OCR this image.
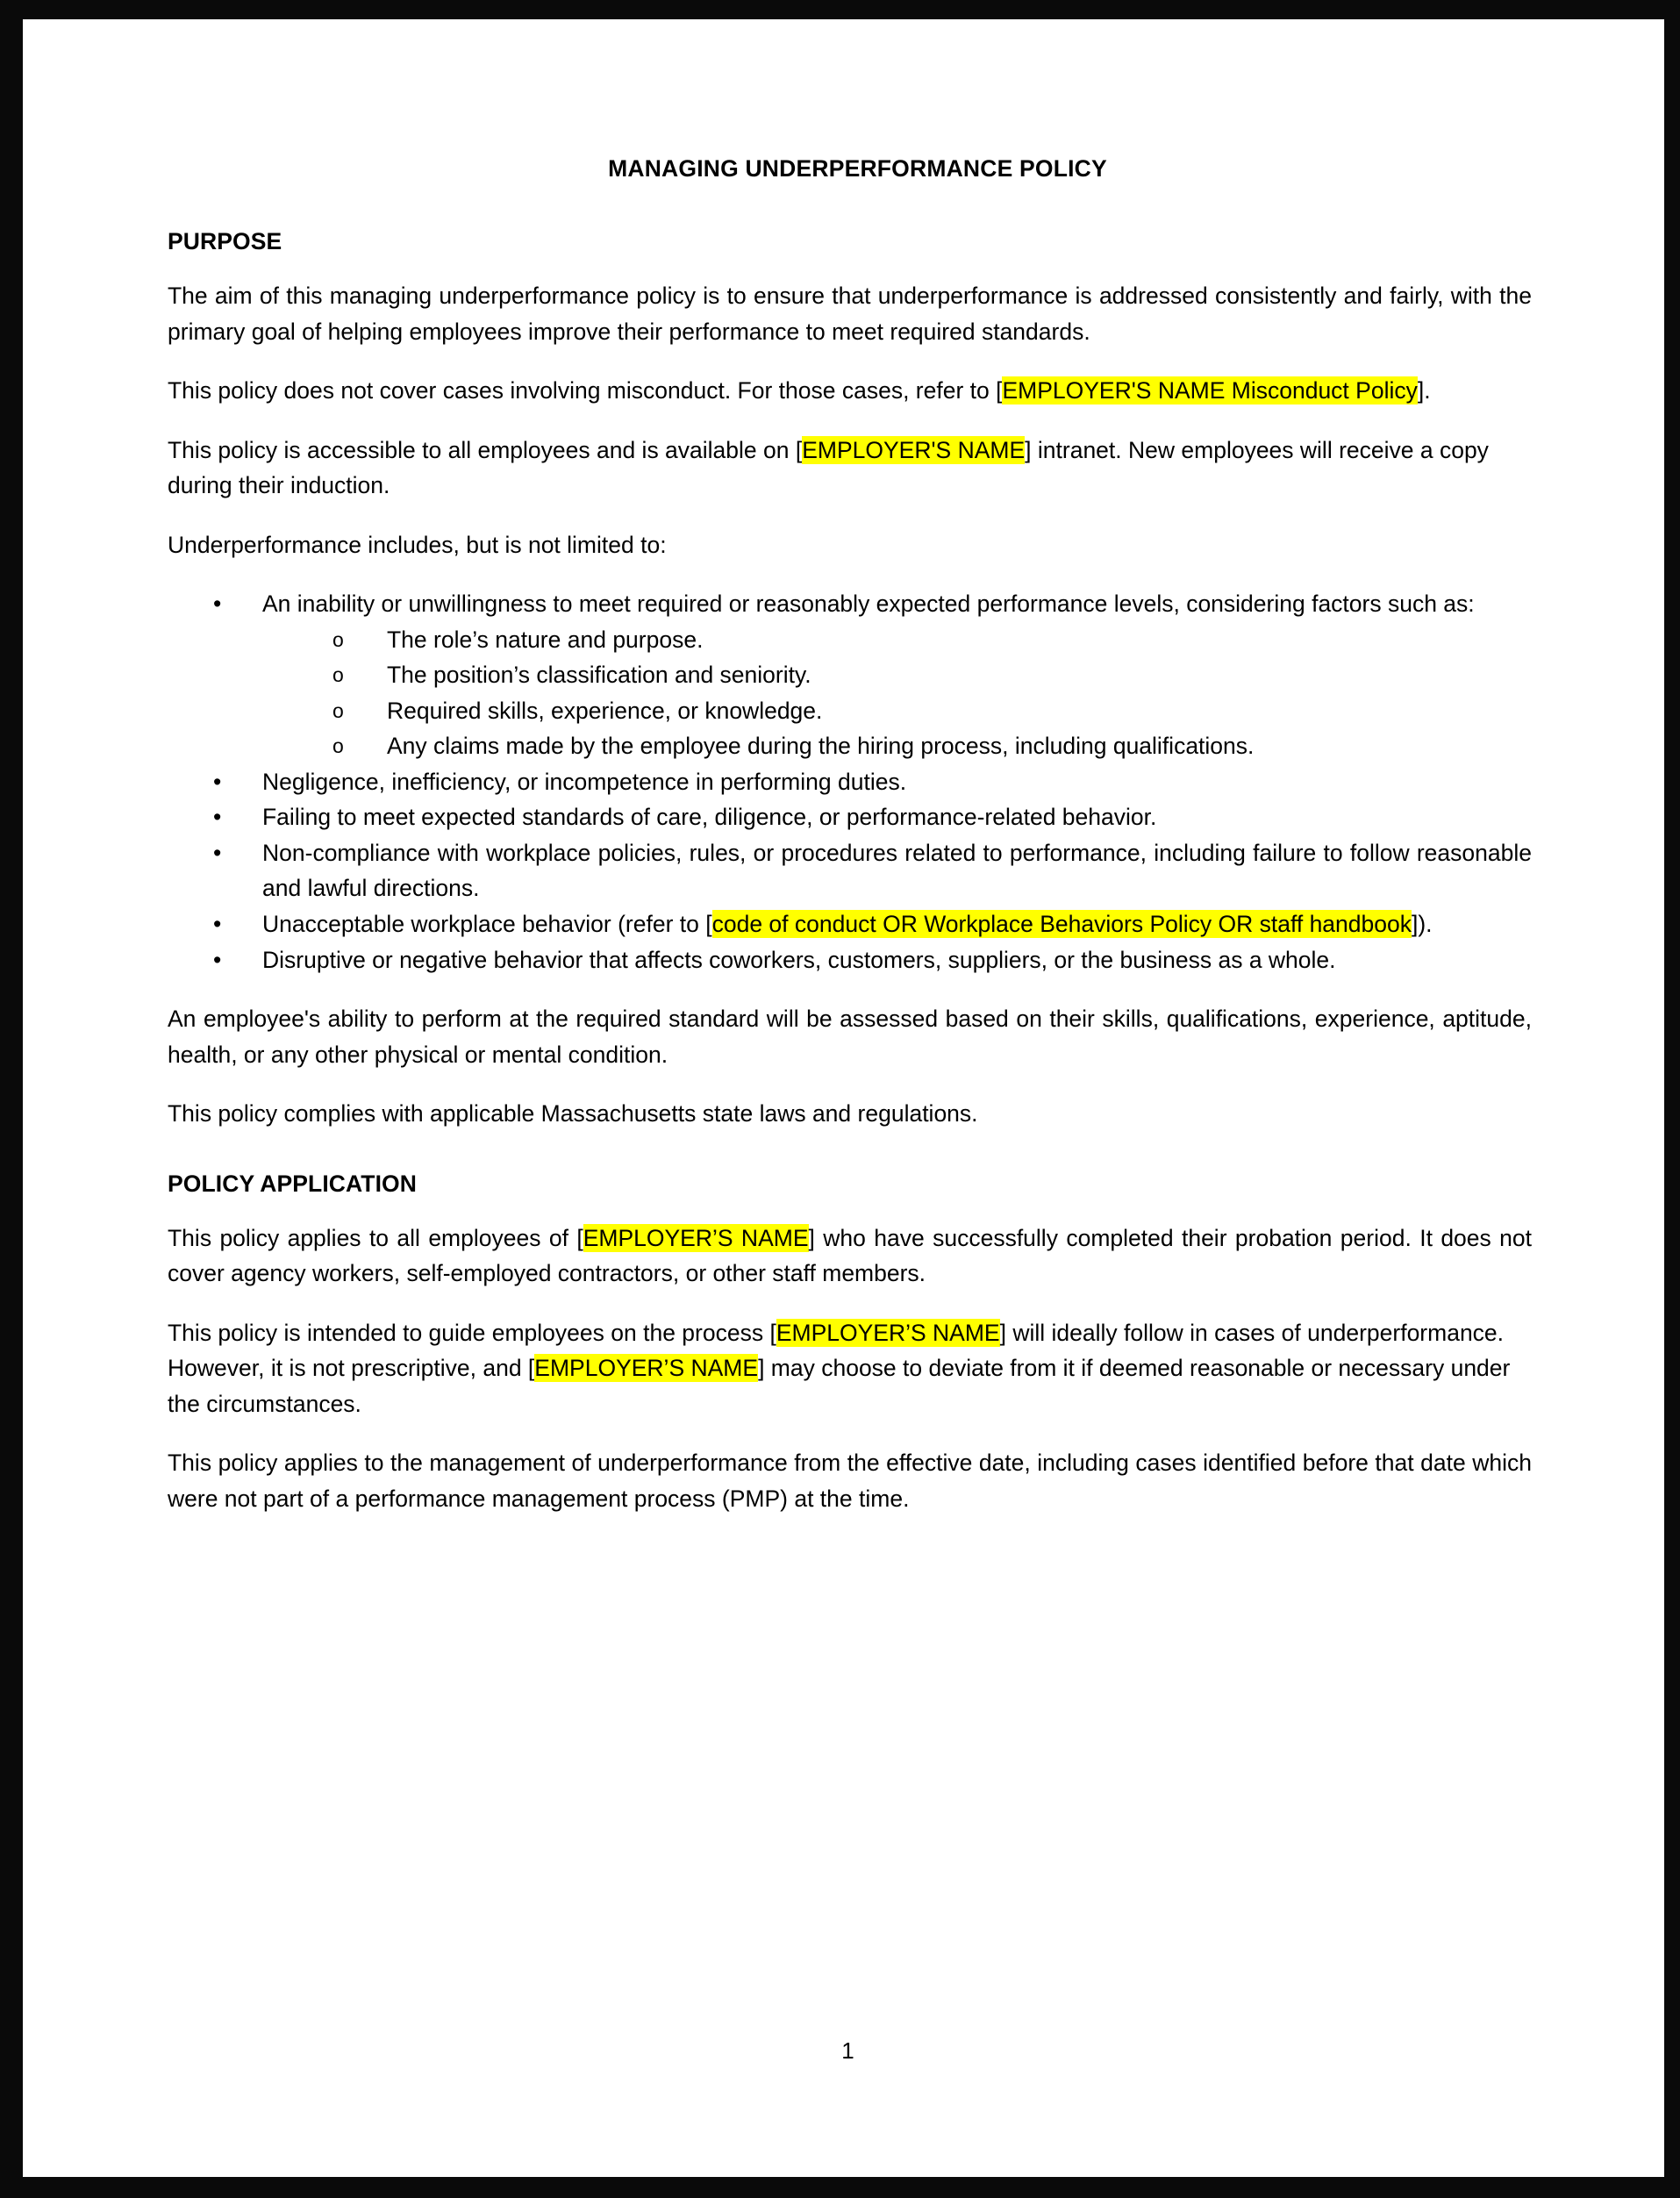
MANAGING UNDERPERFORMANCE POLICY
PURPOSE

The aim of this managing underperformance policy is to ensure that underperformance is addressed consistently and fairly, with the primary goal of helping employees improve their performance to meet required standards.

This policy does not cover cases involving misconduct. For those cases, refer to [EMPLOYER'S NAME Misconduct Policy].

This policy is accessible to all employees and is available on [EMPLOYER'S NAME] intranet. New employees will receive a copy during their induction.

Underperformance includes, but is not limited to:

• An inability or unwillingness to meet required or reasonably expected performance levels, considering factors such as:
o The role’s nature and purpose.
o The position’s classification and seniority.
o Required skills, experience, or knowledge.
o Any claims made by the employee during the hiring process, including qualifications.
• Negligence, inefficiency, or incompetence in performing duties.
• Failing to meet expected standards of care, diligence, or performance-related behavior.
• Non-compliance with workplace policies, rules, or procedures related to performance, including failure to follow reasonable and lawful directions.
• Unacceptable workplace behavior (refer to [code of conduct OR Workplace Behaviors Policy OR staff handbook]).
• Disruptive or negative behavior that affects coworkers, customers, suppliers, or the business as a whole.

An employee's ability to perform at the required standard will be assessed based on their skills, qualifications, experience, aptitude, health, or any other physical or mental condition.

This policy complies with applicable Massachusetts state laws and regulations.

POLICY APPLICATION

This policy applies to all employees of [EMPLOYER’S NAME] who have successfully completed their probation period. It does not cover agency workers, self-employed contractors, or other staff members.

This policy is intended to guide employees on the process [EMPLOYER’S NAME] will ideally follow in cases of underperformance. However, it is not prescriptive, and [EMPLOYER’S NAME] may choose to deviate from it if deemed reasonable or necessary under the circumstances.

This policy applies to the management of underperformance from the effective date, including cases identified before that date which were not part of a performance management process (PMP) at the time.

1
